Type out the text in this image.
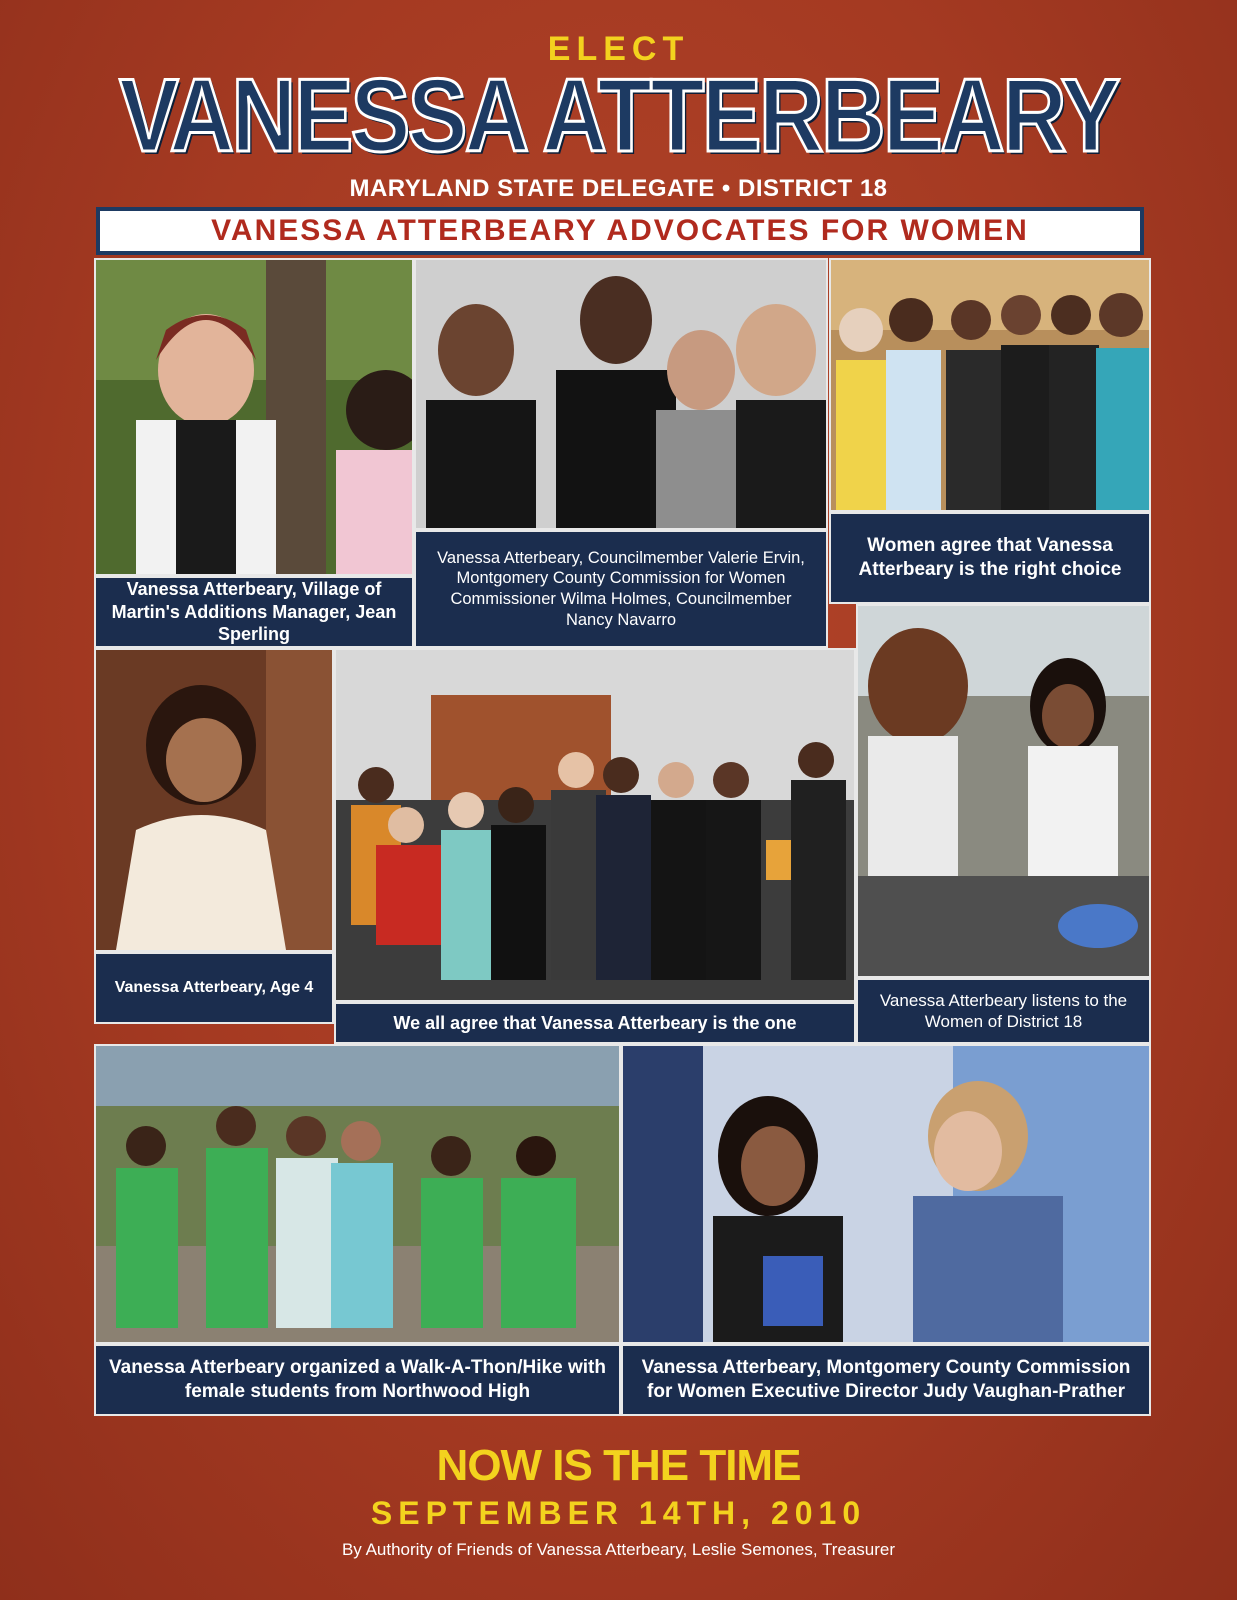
ELECT
VANESSA ATTERBEARY
MARYLAND STATE DELEGATE • DISTRICT 18
VANESSA ATTERBEARY ADVOCATES FOR WOMEN
Vanessa Atterbeary, Village of Martin's Additions Manager, Jean Sperling
Vanessa Atterbeary, Councilmember Valerie Ervin, Montgomery County Commission for Women Commissioner Wilma Holmes, Councilmember Nancy Navarro
Women agree that Vanessa Atterbeary is the right choice
Vanessa Atterbeary, Age 4
We all agree that Vanessa Atterbeary is the one
Vanessa Atterbeary listens to the Women of District 18
Vanessa Atterbeary organized a Walk-A-Thon/Hike with female students from Northwood High
Vanessa Atterbeary, Montgomery County Commission for Women Executive Director Judy Vaughan-Prather
NOW IS THE TIME
SEPTEMBER 14TH, 2010
By Authority of Friends of Vanessa Atterbeary, Leslie Semones, Treasurer
